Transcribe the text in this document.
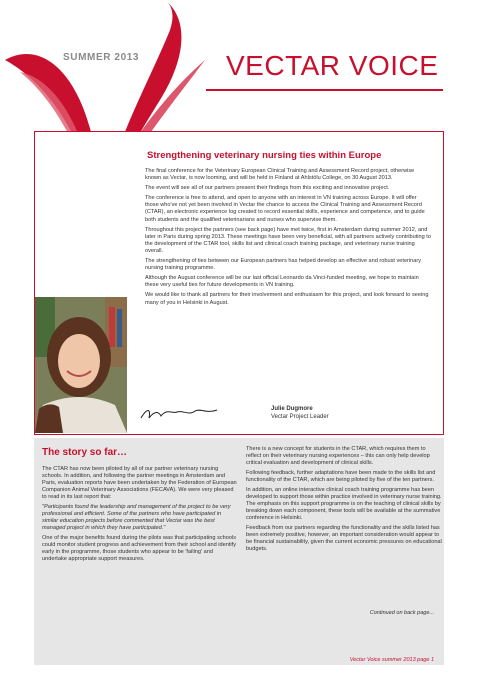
SUMMER 2013	VECTAR VOICE
Strengthening veterinary nursing ties within Europe

The final conference for the Veterinary European Clinical Training and Assessment Record project, otherwise known as Vectar, is now looming, and will be held in Finland at Ahlstölu College, on 30 August 2013.

The event will see all of our partners present their findings from this exciting and innovative project.

The conference is free to attend, and open to anyone with an interest in VN training across Europe. It will offer those who've not yet been involved in Vectar the chance to access the Clinical Training and Assessment Record (CTAR), an electronic experience log created to record essential skills, experience and competence, and to guide both students and the qualified veterinarians and nurses who supervise them.

Throughout this project the partners (see back page) have met twice, first in Amsterdam during summer 2012, and later in Paris during spring 2013. These meetings have been very beneficial, with all partners actively contributing to the development of the CTAR tool, skills list and clinical coach training package, and veterinary nurse training overall.

The strengthening of ties between our European partners has helped develop an effective and robust veterinary nursing training programme.

Although the August conference will be our last official Leonardo da Vinci-funded meeting, we hope to maintain these very useful ties for future developments in VN training.

We would like to thank all partners for their involvement and enthusiasm for this project, and look forward to seeing many of you in Helsinki in August.

Julie Dugmore
Vectar Project Leader
The story so far…

The CTAR has now been piloted by all of our partner veterinary nursing schools. In addition, and following the partner meetings in Amsterdam and Paris, evaluation reports have been undertaken by the Federation of European Companion Animal Veterinary Associations (FECAVA). We were very pleased to read in its last report that:

"Participants found the leadership and management of the project to be very professional and efficient. Some of the partners who have participated in similar education projects before commented that Vectar was the best managed project in which they have participated."

One of the major benefits found during the pilots was that participating schools could monitor student progress and achievement from their school and identify early in the programme, those students who appear to be 'failing' and undertake appropriate support measures.

There is a new concept for students in the CTAR, which requires them to reflect on their veterinary nursing experiences – this can only help develop critical evaluation and development of clinical skills.

Following feedback, further adaptations have been made to the skills list and functionality of the CTAR, which are being piloted by five of the ten partners.

In addition, an online interactive clinical coach training programme has been developed to support those within practice involved in veterinary nurse training. The emphasis on this support programme is on the teaching of clinical skills by breaking down each component, these tools will be available at the summative conference in Helsinki.

Feedback from our partners regarding the functionality and the skills listed has been extremely positive, however, an important consideration would appear to be financial sustainability, given the current economic pressures on educational budgets.

Continued on back page...
Vectar Voice summer 2013 page 1
